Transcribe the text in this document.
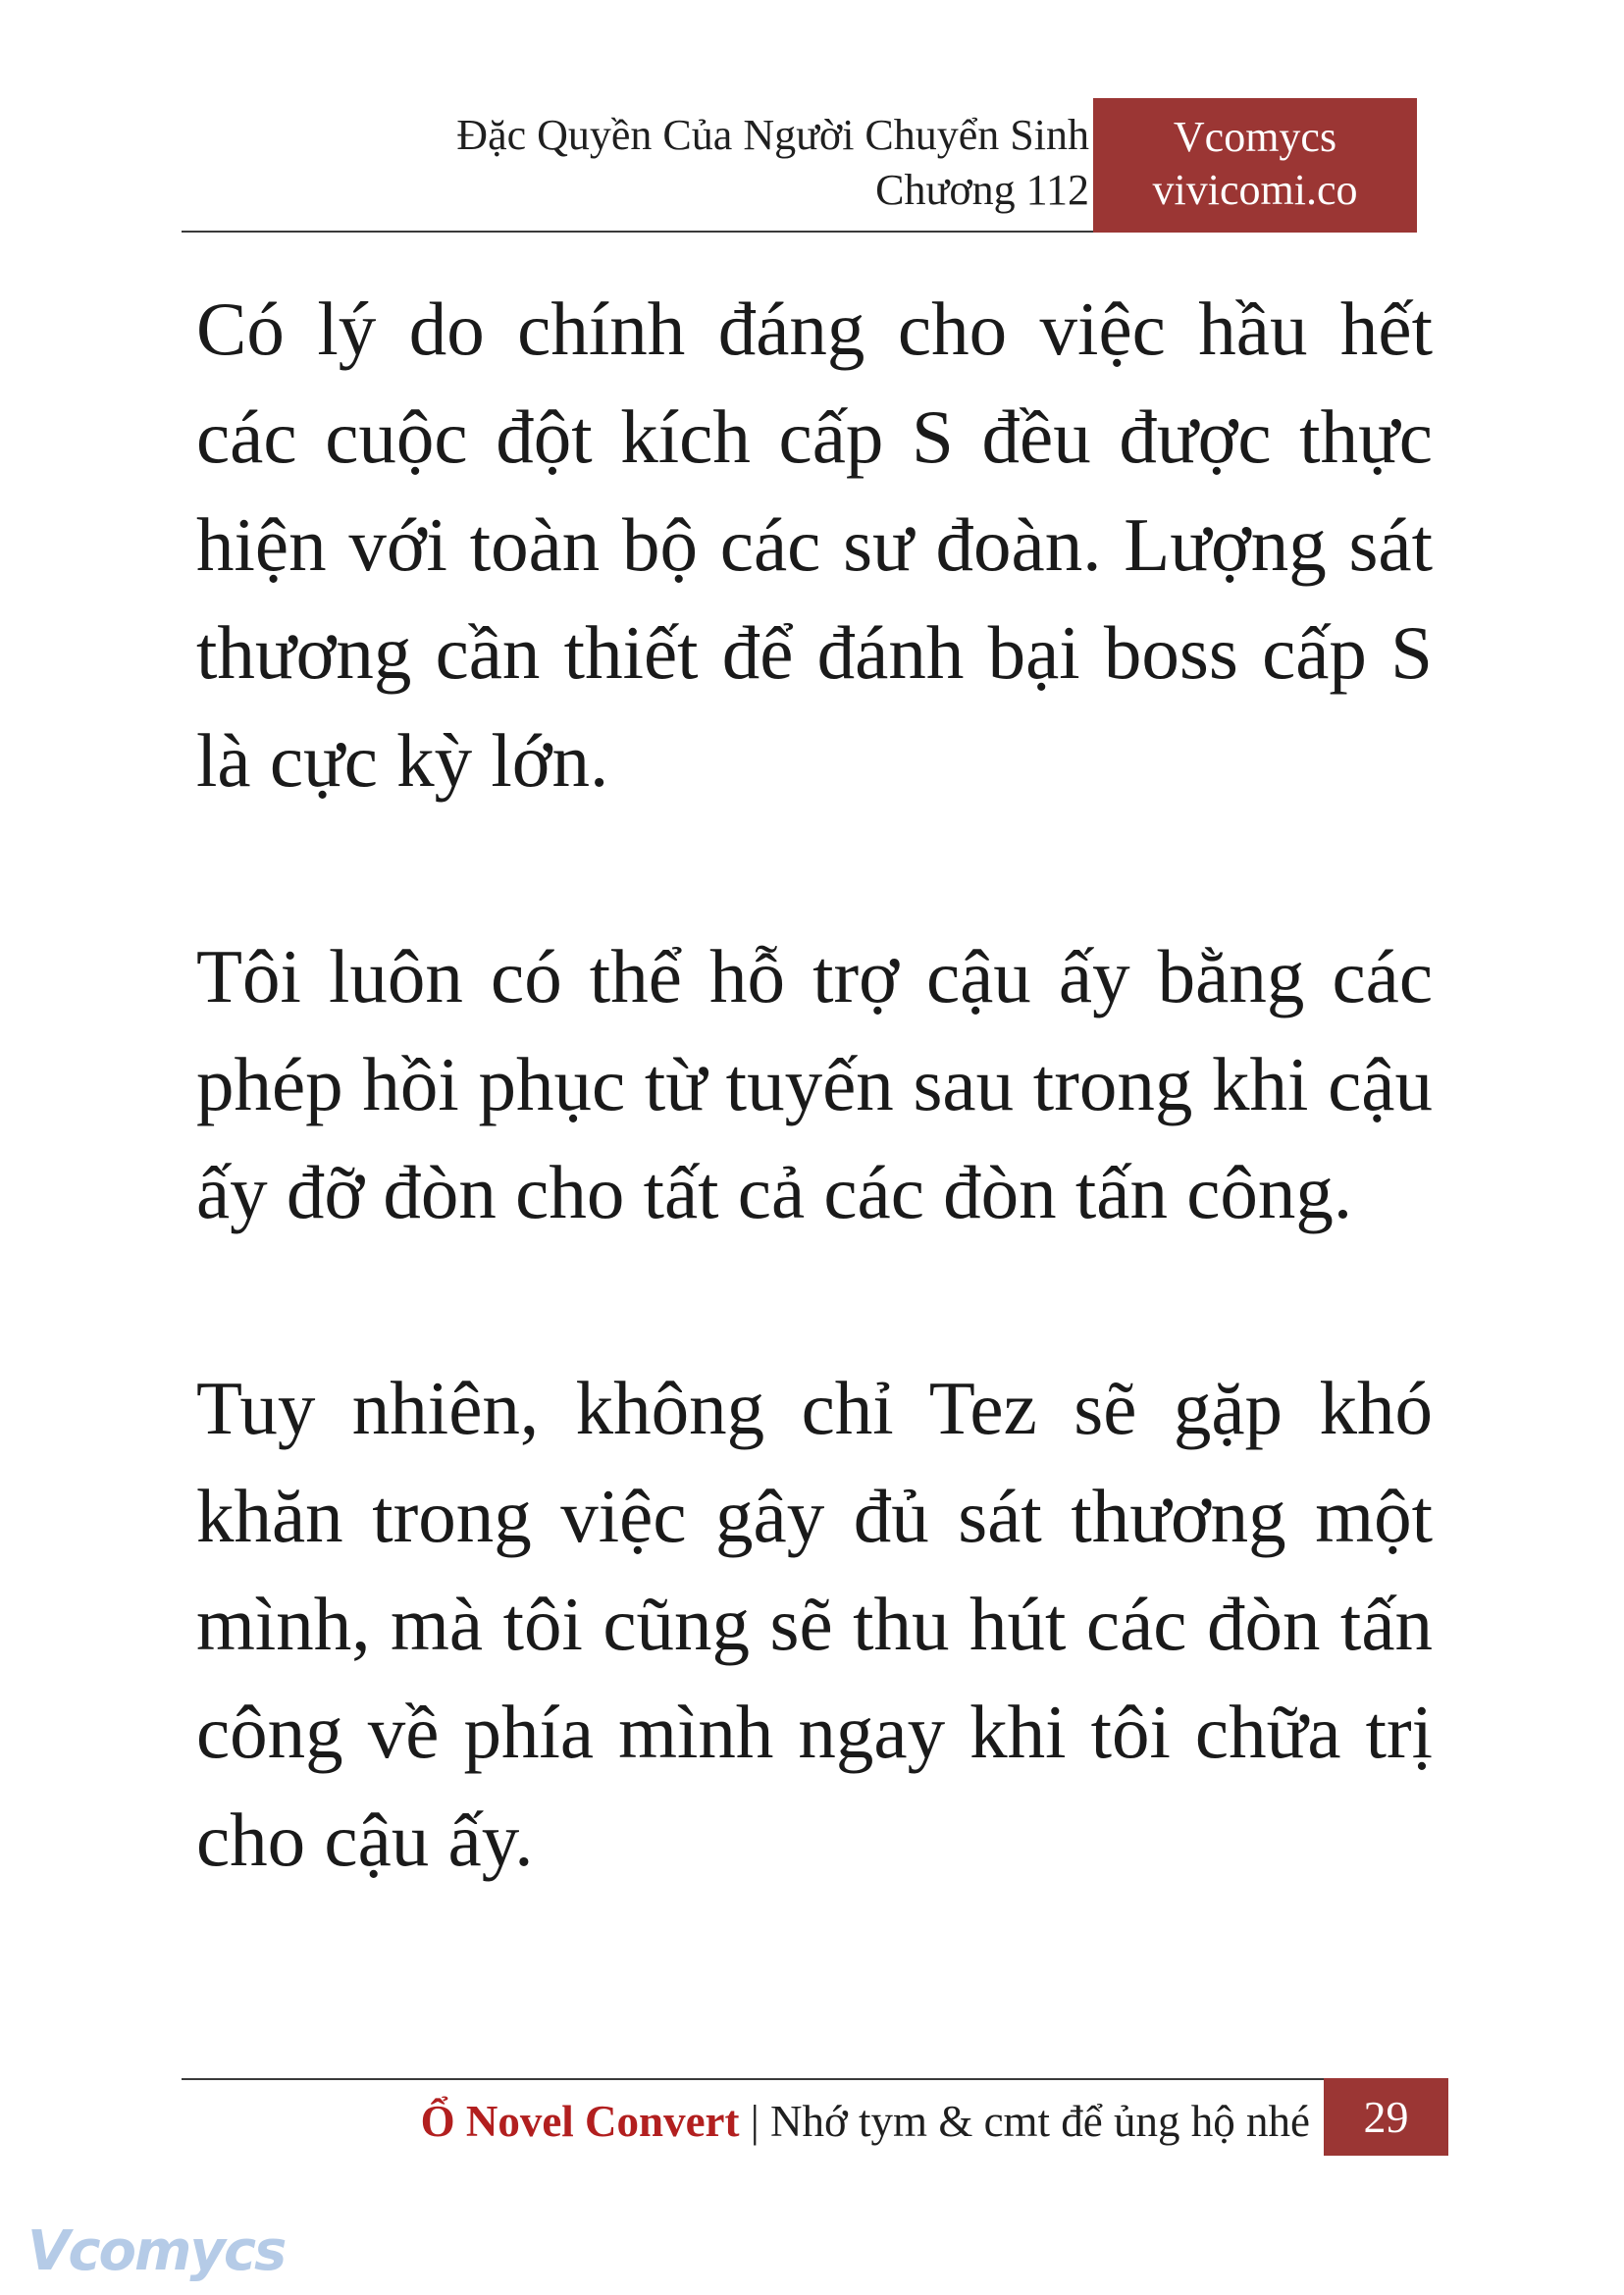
Đặc Quyền Của Người Chuyển Sinh
Chương 112
Vcomycs
vivicomi.co

Có lý do chính đáng cho việc hầu hết các cuộc đột kích cấp S đều được thực hiện với toàn bộ các sư đoàn. Lượng sát thương cần thiết để đánh bại boss cấp S là cực kỳ lớn.

Tôi luôn có thể hỗ trợ cậu ấy bằng các phép hồi phục từ tuyến sau trong khi cậu ấy đỡ đòn cho tất cả các đòn tấn công.

Tuy nhiên, không chỉ Tez sẽ gặp khó khăn trong việc gây đủ sát thương một mình, mà tôi cũng sẽ thu hút các đòn tấn công về phía mình ngay khi tôi chữa trị cho cậu ấy.

Ổ Novel Convert | Nhớ tym & cmt để ủng hộ nhé	29
Vcomycs
